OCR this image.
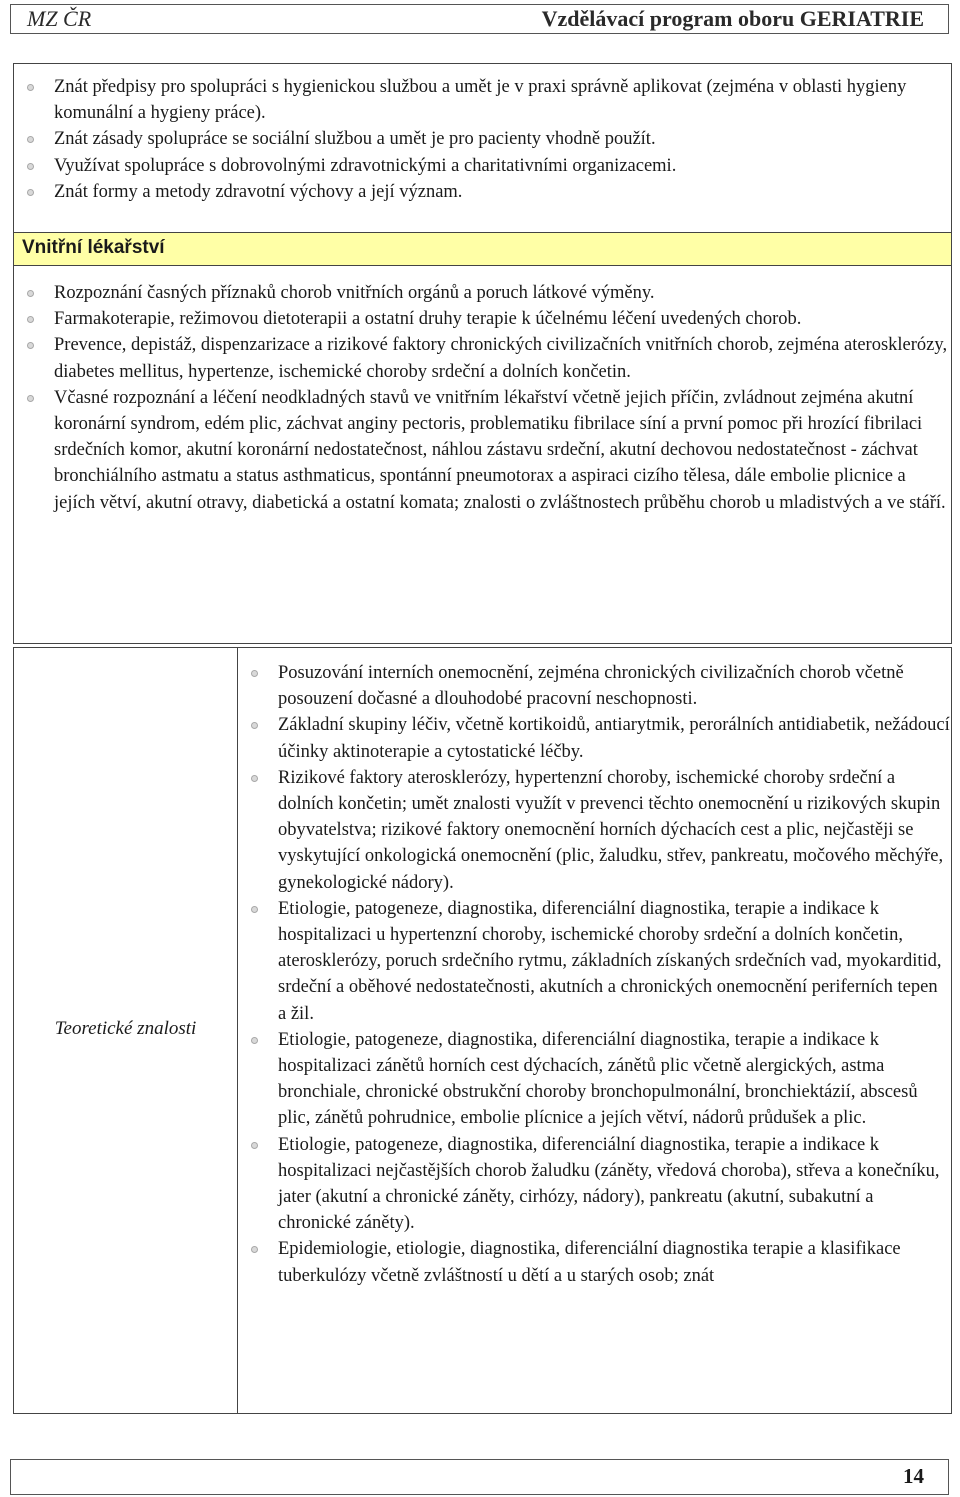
MZ ČR	Vzdělávací program oboru GERIATRIE
Znát předpisy pro spolupráci s hygienickou službou a umět je v praxi správně aplikovat (zejména v oblasti hygieny komunální a hygieny práce).
Znát zásady spolupráce se sociální službou a umět je pro pacienty vhodně použít.
Využívat spolupráce s dobrovolnými zdravotnickými a charitativními organizacemi.
Znát formy a metody zdravotní výchovy a její význam.
Vnitřní lékařství
Rozpoznání časných příznaků chorob vnitřních orgánů a poruch látkové výměny.
Farmakoterapie, režimovou dietoterapii a ostatní druhy terapie k účelnému léčení uvedených chorob.
Prevence, depistáž, dispenzarizace a rizikové faktory chronických civilizačních vnitřních chorob, zejména aterosklerózy, diabetes mellitus, hypertenze, ischemické choroby srdeční a dolních končetin.
Včasné rozpoznání a léčení neodkladných stavů ve vnitřním lékařství včetně jejich příčin, zvládnout zejména akutní koronární syndrom, edém plic, záchvat anginy pectoris, problematiku fibrilace síní a první pomoc při hrozící fibrilaci srdečních komor, akutní koronární nedostatečnost, náhlou zástavu srdeční, akutní dechovou nedostatečnost - záchvat bronchiálního astmatu a status asthmaticus, spontánní pneumotorax a aspiraci cizího tělesa, dále embolie plicnice a jejích větví, akutní otravy, diabetická a ostatní komata; znalosti o zvláštnostech průběhu chorob u mladistvých a ve stáří.
Teoretické znalosti
Posuzování interních onemocnění, zejména chronických civilizačních chorob včetně posouzení dočasné a dlouhodobé pracovní neschopnosti.
Základní skupiny léčiv, včetně kortikoidů, antiarytmik, perorálních antidiabetik, nežádoucí účinky aktinoterapie a cytostatické léčby.
Rizikové faktory aterosklerózy, hypertenzní choroby, ischemické choroby srdeční a dolních končetin; umět znalosti využít v prevenci těchto onemocnění u rizikových skupin obyvatelstva; rizikové faktory onemocnění horních dýchacích cest a plic, nejčastěji se vyskytující onkologická onemocnění (plic, žaludku, střev, pankreatu, močového měchýře, gynekologické nádory).
Etiologie, patogeneze, diagnostika, diferenciální diagnostika, terapie a indikace k hospitalizaci u hypertenzní choroby, ischemické choroby srdeční a dolních končetin, aterosklerózy, poruch srdečního rytmu, základních získaných srdečních vad, myokarditid, srdeční a oběhové nedostatečnosti, akutních a chronických onemocnění periferních tepen a žil.
Etiologie, patogeneze, diagnostika, diferenciální diagnostika, terapie a indikace k hospitalizaci zánětů horních cest dýchacích, zánětů plic včetně alergických, astma bronchiale, chronické obstrukční choroby bronchopulmonální, bronchiektázií, abscesů plic, zánětů pohrudnice, embolie plícnice a jejích větví, nádorů průdušek a plic.
Etiologie, patogeneze, diagnostika, diferenciální diagnostika, terapie a indikace k hospitalizaci nejčastějších chorob žaludku (záněty, vředová choroba), střeva a konečníku, jater (akutní a chronické záněty, cirhózy, nádory), pankreatu (akutní, subakutní a chronické záněty).
Epidemiologie, etiologie, diagnostika, diferenciální diagnostika terapie a klasifikace tuberkulózy včetně zvláštností u dětí a u starých osob; znát
14
